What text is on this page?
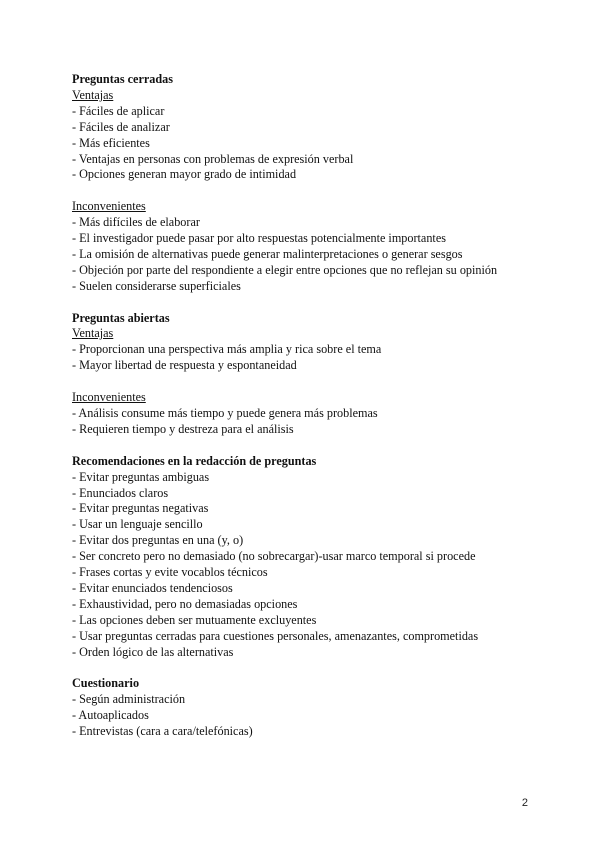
Preguntas cerradas
Ventajas
- Fáciles de aplicar
- Fáciles de analizar
- Más eficientes
- Ventajas en personas con problemas de expresión verbal
- Opciones generan mayor grado de intimidad
Inconvenientes
- Más difíciles de elaborar
- El investigador puede pasar por alto respuestas potencialmente importantes
- La omisión de alternativas puede generar malinterpretaciones o generar sesgos
- Objeción por parte del respondiente a elegir entre opciones que no reflejan su opinión
- Suelen considerarse superficiales
Preguntas abiertas
Ventajas
- Proporcionan una perspectiva más amplia y rica sobre el tema
- Mayor libertad de respuesta y espontaneidad
Inconvenientes
- Análisis consume más tiempo y puede genera más problemas
- Requieren tiempo y destreza para el análisis
Recomendaciones en la redacción de preguntas
- Evitar preguntas ambiguas
- Enunciados claros
- Evitar preguntas negativas
- Usar un lenguaje sencillo
- Evitar dos preguntas en una (y, o)
- Ser concreto pero no demasiado (no sobrecargar)-usar marco temporal si procede
- Frases cortas y evite vocablos técnicos
- Evitar enunciados tendenciosos
- Exhaustividad, pero no demasiadas opciones
- Las opciones deben ser mutuamente excluyentes
- Usar preguntas cerradas para cuestiones personales, amenazantes, comprometidas
- Orden lógico de las alternativas
Cuestionario
- Según administración
- Autoaplicados
- Entrevistas (cara a cara/telefónicas)
2
